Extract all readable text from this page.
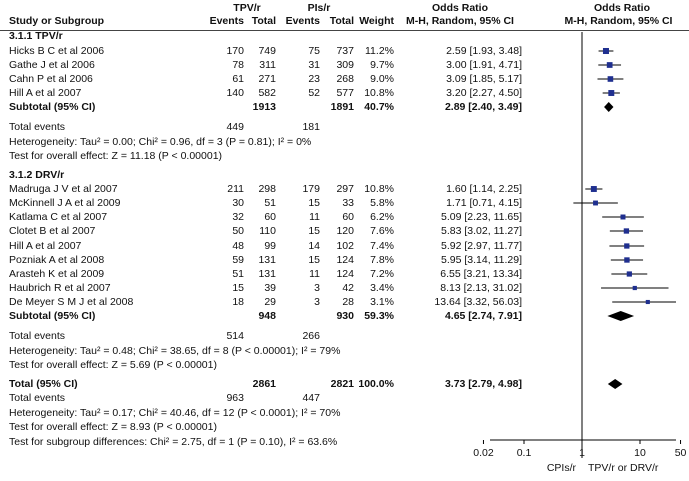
TPV/r	PIs/r	Odds Ratio	Odds Ratio
Study or Subgroup	Events Total Events Total Weight	M-H, Random, 95% CI	M-H, Random, 95% CI
3.1.1 TPV/r
Hicks B C et al 2006	170	749	75	737	11.2%	2.59 [1.93, 3.48]
Gathe J et al 2006	78	311	31	309	9.7%	3.00 [1.91, 4.71]
Cahn P et al 2006	61	271	23	268	9.0%	3.09 [1.85, 5.17]
Hill A et al 2007	140	582	52	577 10.8%	3.20 [2.27, 4.50]
Subtotal (95% CI)	1913	1891 40.7%	2.89 [2.40, 3.49]
Total events	449	181
Heterogeneity: Tau² = 0.00; Chi² = 0.96, df = 3 (P = 0.81); I² = 0%
Test for overall effect: Z = 11.18 (P < 0.00001)
3.1.2 DRV/r
Madruga J V et al 2007	211	298	179	297 10.8%	1.60 [1.14, 2.25]
McKinnell J A et al 2009	30	51	15	33	5.8%	1.71 [0.71, 4.15]
Katlama C et al 2007	32	60	11	60	6.2%	5.09 [2.23, 11.65]
Clotet B et al 2007	50	110	15	120	7.6%	5.83 [3.02, 11.27]
Hill A et al 2007	48	99	14	102	7.4%	5.92 [2.97, 11.77]
Pozniak A et al 2008	59	131	15	124	7.8%	5.95 [3.14, 11.29]
Arasteh K et al 2009	51	131	11	124	7.2%	6.55 [3.21, 13.34]
Haubrich R et al 2007	15	39	3	42	3.4%	8.13 [2.13, 31.02]
De Meyer S M J et al 2008	18	29	3	28	3.1%	13.64 [3.32, 56.03]
Subtotal (95% CI)	948	930 59.3%	4.65 [2.74, 7.91]
Total events	514	266
Heterogeneity: Tau² = 0.48; Chi² = 38.65, df = 8 (P < 0.00001); I² = 79%
Test for overall effect: Z = 5.69 (P < 0.00001)
Total (95% CI)	2861	2821 100.0%	3.73 [2.79, 4.98]
Total events	963	447
Heterogeneity: Tau² = 0.17; Chi² = 40.46, df = 12 (P < 0.0001); I² = 70%
Test for overall effect: Z = 8.93 (P < 0.00001)
Test for subgroup differences: Chi² = 2.75, df = 1 (P = 0.10), I² = 63.6%
0.02 0.1	1	10	50
CPIs/r TPV/r or DRV/r
